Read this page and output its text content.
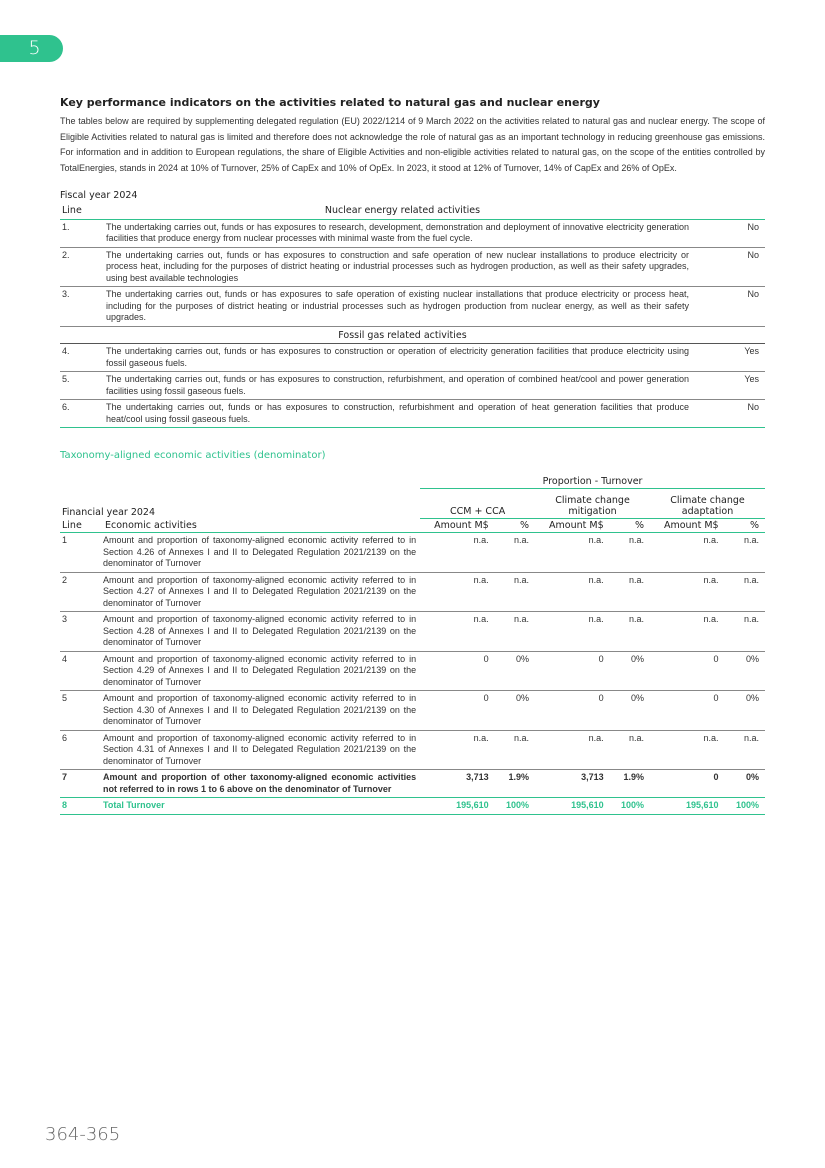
5
Key performance indicators on the activities related to natural gas and nuclear energy

The tables below are required by supplementing delegated regulation (EU) 2022/1214 of 9 March 2022 on the activities related to natural gas and nuclear energy. The scope of Eligible Activities related to natural gas is limited and therefore does not acknowledge the role of natural gas as an important technology in reducing greenhouse gas emissions. For information and in addition to European regulations, the share of Eligible Activities and non-eligible activities related to natural gas, on the scope of the entities controlled by TotalEnergies, stands in 2024 at 10% of Turnover, 25% of CapEx and 10% of OpEx. In 2023, it stood at 12% of Turnover, 14% of CapEx and 26% of OpEx.

Fiscal year 2024
Line	Nuclear energy related activities	
1.	The undertaking carries out, funds or has exposures to research, development, demonstration and deployment of innovative electricity generation facilities that produce energy from nuclear processes with minimal waste from the fuel cycle.	No
2.	The undertaking carries out, funds or has exposures to construction and safe operation of new nuclear installations to produce electricity or process heat, including for the purposes of district heating or industrial processes such as hydrogen production, as well as their safety upgrades, using best available technologies	No
3.	The undertaking carries out, funds or has exposures to safe operation of existing nuclear installations that produce electricity or process heat, including for the purposes of district heating or industrial processes such as hydrogen production from nuclear energy, as well as their safety upgrades.	No
	Fossil gas related activities	
4.	The undertaking carries out, funds or has exposures to construction or operation of electricity generation facilities that produce electricity using fossil gaseous fuels.	Yes
5.	The undertaking carries out, funds or has exposures to construction, refurbishment, and operation of combined heat/cool and power generation facilities using fossil gaseous fuels.	Yes
6.	The undertaking carries out, funds or has exposures to construction, refurbishment and operation of heat generation facilities that produce heat/cool using fossil gaseous fuels.	No
Taxonomy-aligned economic activities (denominator)
		Proportion - Turnover					
Financial year 2024		CCM + CCA		Climate change mitigation		Climate change adaptation	
Line	Economic activities	Amount M$	%	Amount M$	%	Amount M$	%
1	Amount and proportion of taxonomy-aligned economic activity referred to in Section 4.26 of Annexes I and II to Delegated Regulation 2021/2139 on the denominator of Turnover	n.a.	n.a.	n.a.	n.a.	n.a.	n.a.
2	Amount and proportion of taxonomy-aligned economic activity referred to in Section 4.27 of Annexes I and II to Delegated Regulation 2021/2139 on the denominator of Turnover	n.a.	n.a.	n.a.	n.a.	n.a.	n.a.
3	Amount and proportion of taxonomy-aligned economic activity referred to in Section 4.28 of Annexes I and II to Delegated Regulation 2021/2139 on the denominator of Turnover	n.a.	n.a.	n.a.	n.a.	n.a.	n.a.
4	Amount and proportion of taxonomy-aligned economic activity referred to in Section 4.29 of Annexes I and II to Delegated Regulation 2021/2139 on the denominator of Turnover	0	0%	0	0%	0	0%
5	Amount and proportion of taxonomy-aligned economic activity referred to in Section 4.30 of Annexes I and II to Delegated Regulation 2021/2139 on the denominator of Turnover	0	0%	0	0%	0	0%
6	Amount and proportion of taxonomy-aligned economic activity referred to in Section 4.31 of Annexes I and II to Delegated Regulation 2021/2139 on the denominator of Turnover	n.a.	n.a.	n.a.	n.a.	n.a.	n.a.
7	Amount and proportion of other taxonomy-aligned economic activities not referred to in rows 1 to 6 above on the denominator of Turnover	3,713	1.9%	3,713	1.9%	0	0%
8	Total Turnover	195,610	100%	195,610	100%	195,610	100%
364-365
